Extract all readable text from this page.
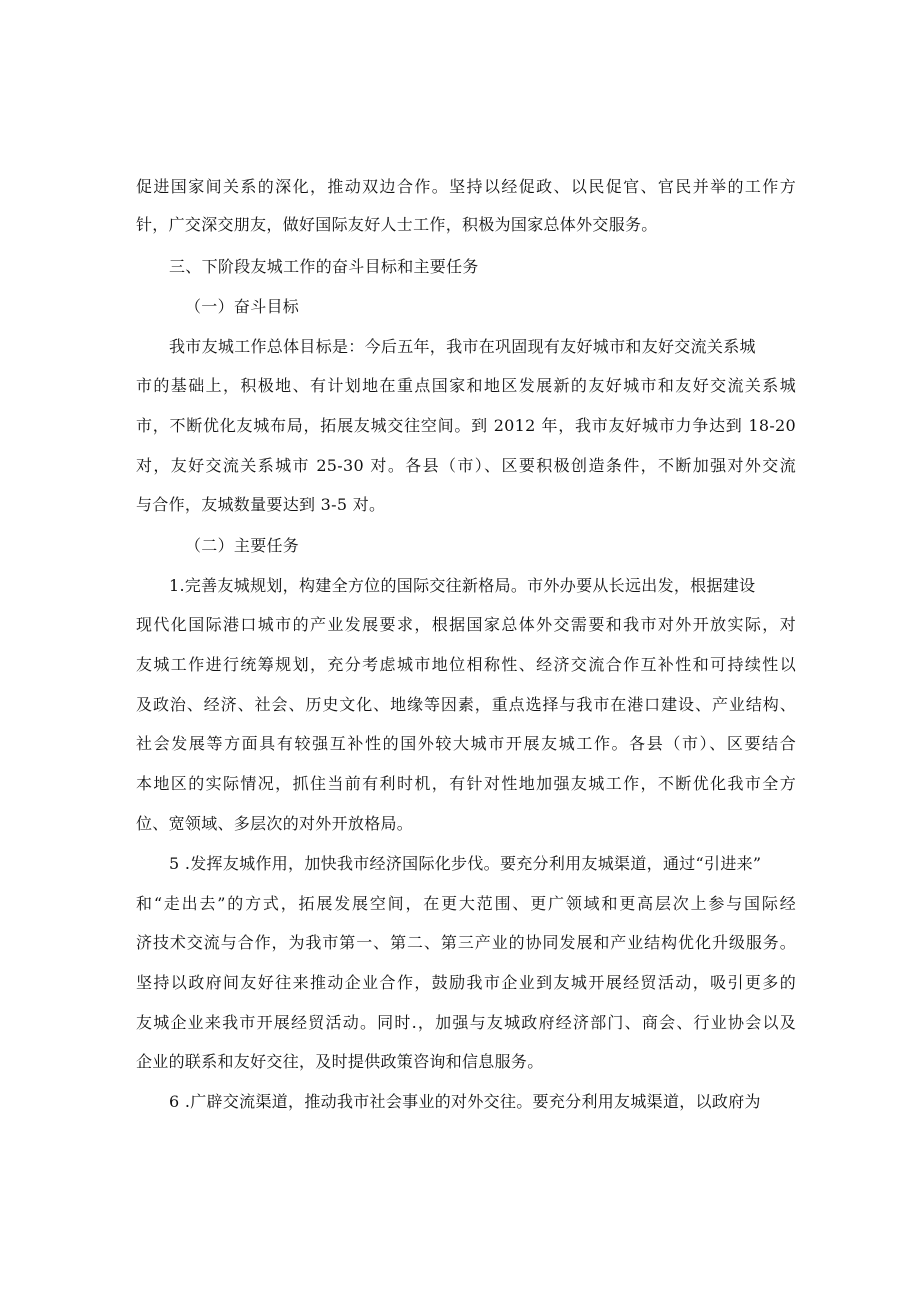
促进国家间关系的深化，推动双边合作。坚持以经促政、以民促官、官民并举的工作方
针，广交深交朋友，做好国际友好人士工作，积极为国家总体外交服务。
三、下阶段友城工作的奋斗目标和主要任务
（一）奋斗目标
我市友城工作总体目标是：今后五年，我市在巩固现有友好城市和友好交流关系城
市的基础上，积极地、有计划地在重点国家和地区发展新的友好城市和友好交流关系城
市，不断优化友城布局，拓展友城交往空间。到 2012 年，我市友好城市力争达到 18-20
对，友好交流关系城市 25-30 对。各县（市）、区要积极创造条件，不断加强对外交流
与合作，友城数量要达到 3-5 对。
（二）主要任务
1.完善友城规划，构建全方位的国际交往新格局。市外办要从长远出发，根据建设
现代化国际港口城市的产业发展要求，根据国家总体外交需要和我市对外开放实际，对
友城工作进行统筹规划，充分考虑城市地位相称性、经济交流合作互补性和可持续性以
及政治、经济、社会、历史文化、地缘等因素，重点选择与我市在港口建设、产业结构、
社会发展等方面具有较强互补性的国外较大城市开展友城工作。各县（市）、区要结合
本地区的实际情况，抓住当前有利时机，有针对性地加强友城工作，不断优化我市全方
位、宽领域、多层次的对外开放格局。
5 .发挥友城作用，加快我市经济国际化步伐。要充分利用友城渠道，通过“引进来”
和“走出去”的方式，拓展发展空间，在更大范围、更广领域和更高层次上参与国际经
济技术交流与合作，为我市第一、第二、第三产业的协同发展和产业结构优化升级服务。
坚持以政府间友好往来推动企业合作，鼓励我市企业到友城开展经贸活动，吸引更多的
友城企业来我市开展经贸活动。同时.，加强与友城政府经济部门、商会、行业协会以及
企业的联系和友好交往，及时提供政策咨询和信息服务。
6 .广辟交流渠道，推动我市社会事业的对外交往。要充分利用友城渠道，以政府为
